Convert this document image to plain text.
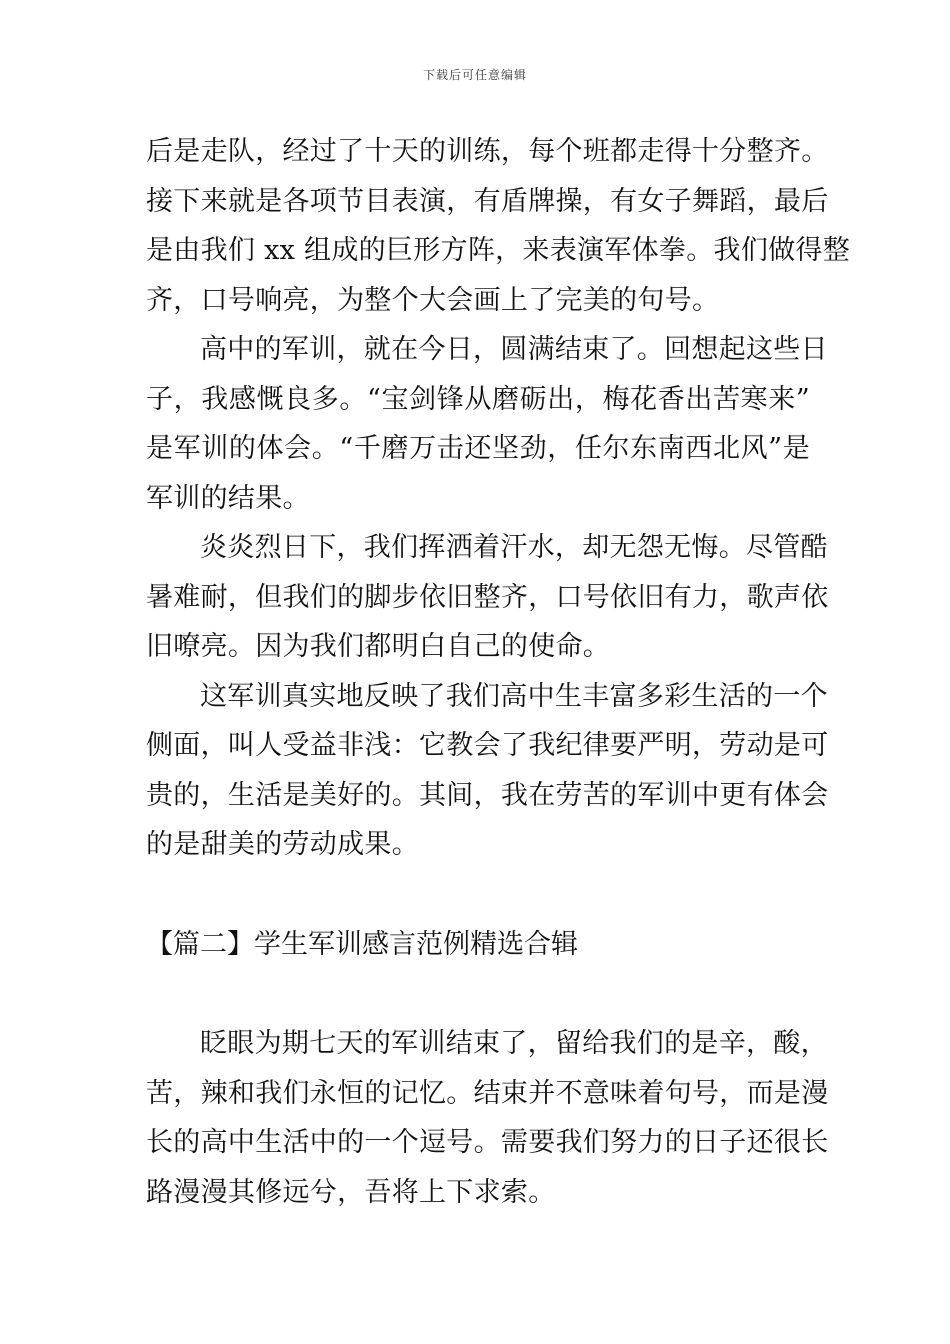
下载后可任意编辑
后是走队，经过了十天的训练，每个班都走得十分整齐。
接下来就是各项节目表演，有盾牌操，有女子舞蹈，最后
是由我们 xx 组成的巨形方阵，来表演军体拳。我们做得整
齐，口号响亮，为整个大会画上了完美的句号。
高中的军训，就在今日，圆满结束了。回想起这些日
子，我感慨良多。“宝剑锋从磨砺出，梅花香出苦寒来”
是军训的体会。“千磨万击还坚劲，任尔东南西北风”是
军训的结果。
炎炎烈日下，我们挥洒着汗水，却无怨无悔。尽管酷
暑难耐，但我们的脚步依旧整齐，口号依旧有力，歌声依
旧嘹亮。因为我们都明白自己的使命。
这军训真实地反映了我们高中生丰富多彩生活的一个
侧面，叫人受益非浅：它教会了我纪律要严明，劳动是可
贵的，生活是美好的。其间，我在劳苦的军训中更有体会
的是甜美的劳动成果。
【篇二】学生军训感言范例精选合辑
眨眼为期七天的军训结束了，留给我们的是辛，酸，
苦，辣和我们永恒的记忆。结束并不意味着句号，而是漫
长的高中生活中的一个逗号。需要我们努力的日子还很长
路漫漫其修远兮，吾将上下求索。
